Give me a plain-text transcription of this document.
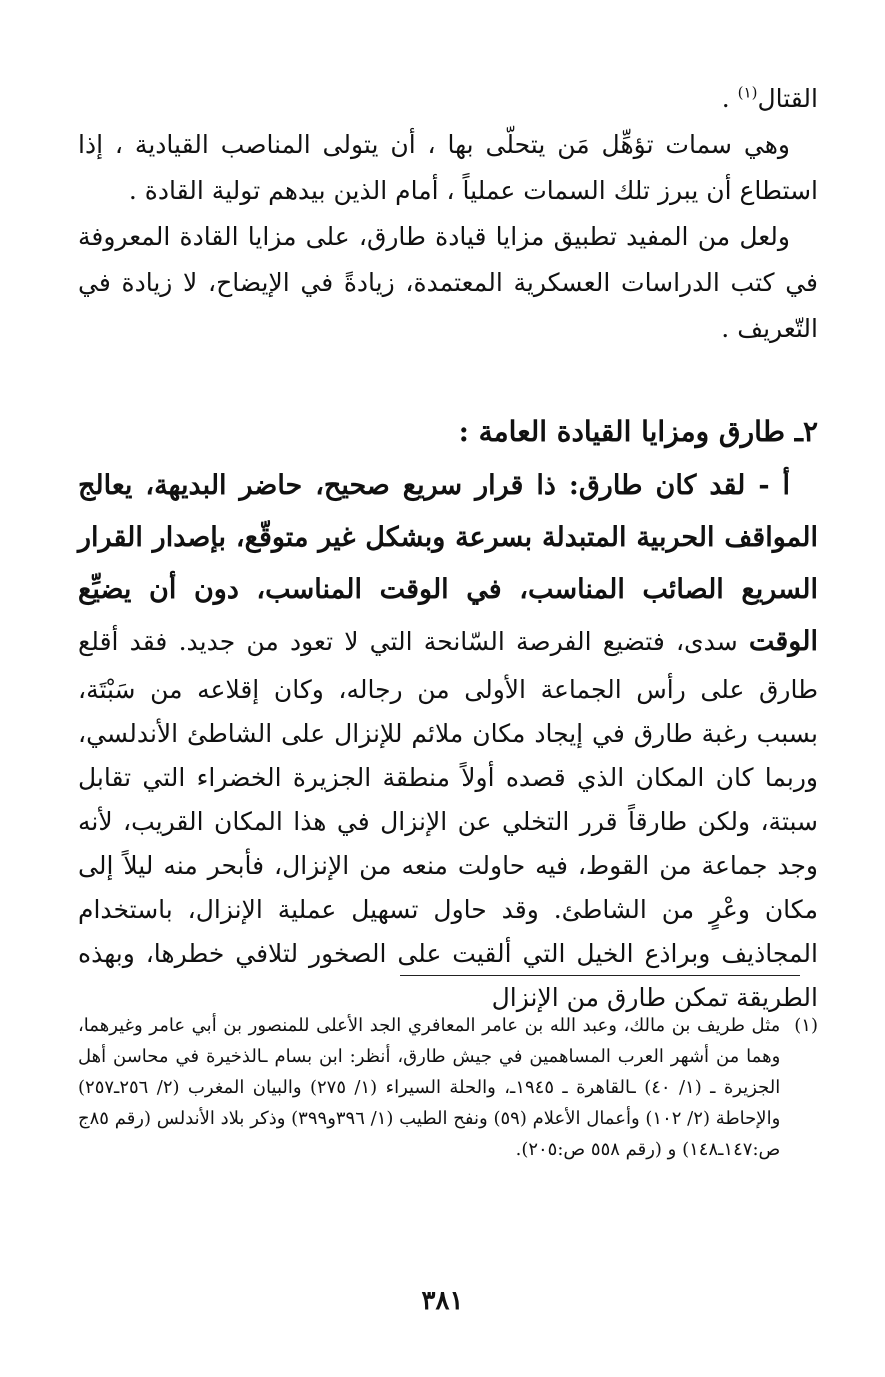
القتال$^{(١)}$ .

وهي سمات تؤهِّل مَن يتحلّى بها ، أن يتولى المناصب القيادية ، إذا استطاع أن يبرز تلك السمات عملياً ، أمام الذين بيدهم تولية القادة .

ولعل من المفيد تطبيق مزايا قيادة طارق، على مزايا القادة المعروفة في كتب الدراسات العسكرية المعتمدة، زيادةً في الإيضاح، لا زيادة في التّعريف .

٢ـ طارق ومزايا القيادة العامة :

أ - لقد كان طارق: ذا قرار سريع صحيح، حاضر البديهة، يعالج المواقف الحربية المتبدلة بسرعة وبشكل غير متوقّع، بإصدار القرار السريع الصائب المناسب، في الوقت المناسب، دون أن يضيِّع الوقت سدى، فتضيع الفرصة السّانحة التي لا تعود من جديد. فقد أقلع طارق على رأس الجماعة الأولى من رجاله، وكان إقلاعه من سَبْتَة، بسبب رغبة طارق في إيجاد مكان ملائم للإنزال على الشاطئ الأندلسي، وربما كان المكان الذي قصده أولاً منطقة الجزيرة الخضراء التي تقابل سبتة، ولكن طارقاً قرر التخلي عن الإنزال في هذا المكان القريب، لأنه وجد جماعة من القوط، فيه حاولت منعه من الإنزال، فأبحر منه ليلاً إلى مكان وعْرٍ من الشاطئ. وقد حاول تسهيل عملية الإنزال، باستخدام المجاذيف وبراذع الخيل التي ألقيت على الصخور لتلافي خطرها، وبهذه الطريقة تمكن طارق من الإنزال

(١)
مثل طريف بن مالك، وعبد الله بن عامر المعافري الجد الأعلى للمنصور بن أبي عامر وغيرهما، وهما من أشهر العرب المساهمين في جيش طارق، أنظر: ابن بسام ـالذخيرة في محاسن أهل الجزيرة ـ (١/ ٤٠) ـالقاهرة ـ ١٩٤٥ـ، والحلة السيراء (١/ ٢٧٥) والبيان المغرب (٢/ ٢٥٦ـ٢٥٧) والإحاطة (٢/ ١٠٢) وأعمال الأعلام (٥٩) ونفح الطيب (١/ ٣٩٦و٣٩٩) وذكر بلاد الأندلس (رقم ٨٥ج ص:١٤٧ـ١٤٨) و (رقم ٥٥٨ ص:٢٠٥).
٣٨١
